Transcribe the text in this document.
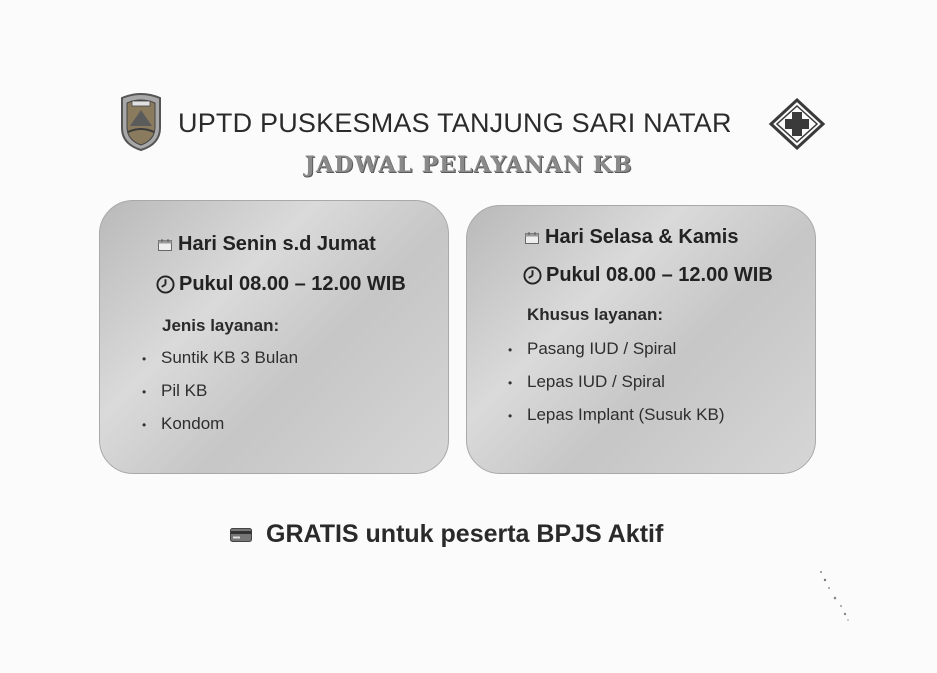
UPTD PUSKESMAS TANJUNG SARI NATAR
JADWAL PELAYANAN KB
Hari Senin s.d Jumat
Pukul 08.00 – 12.00 WIB
Jenis layanan:
• Suntik KB 3 Bulan
• Pil KB
• Kondom
Hari Selasa & Kamis
Pukul 08.00 – 12.00 WIB
Khusus layanan:
• Pasang IUD / Spiral
• Lepas IUD / Spiral
• Lepas Implant (Susuk KB)
GRATIS untuk peserta BPJS Aktif
